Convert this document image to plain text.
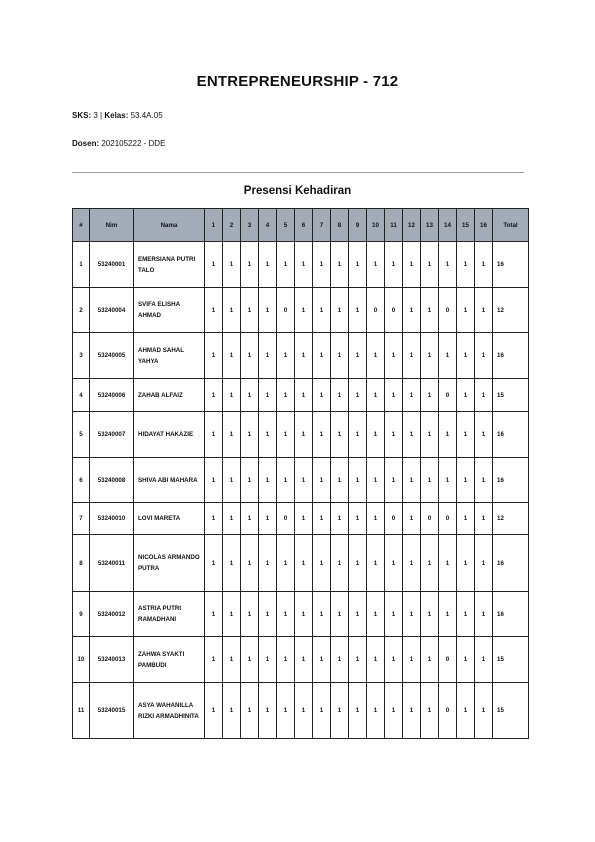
ENTREPRENEURSHIP - 712
SKS: 3 | Kelas: 53.4A.05
Dosen: 202105222 - DDE
Presensi Kehadiran
#	Nim	Nama	1	2	3	4	5	6	7	8	9	10	11	12	13	14	15	16	Total
1	53240001	EMERSIANA PUTRI TALO	1	1	1	1	1	1	1	1	1	1	1	1	1	1	1	1	16
2	53240004	SVIFA ELISHA AHMAD	1	1	1	1	0	1	1	1	1	0	0	1	1	0	1	1	12
3	53240005	AHMAD SAHAL YAHYA	1	1	1	1	1	1	1	1	1	1	1	1	1	1	1	1	16
4	53240006	ZAHAB ALFAIZ	1	1	1	1	1	1	1	1	1	1	1	1	1	0	1	1	15
5	53240007	HIDAYAT HAKAZIE	1	1	1	1	1	1	1	1	1	1	1	1	1	1	1	1	16
6	53240008	SHIVA ABI MAHARA	1	1	1	1	1	1	1	1	1	1	1	1	1	1	1	1	16
7	53240010	LOVI MARETA	1	1	1	1	0	1	1	1	1	1	0	1	0	0	1	1	12
8	53240011	NICOLAS ARMANDO PUTRA	1	1	1	1	1	1	1	1	1	1	1	1	1	1	1	1	16
9	53240012	ASTRIA PUTRI RAMADHANI	1	1	1	1	1	1	1	1	1	1	1	1	1	1	1	1	16
10	53240013	ZAHWA SYAKTI PAMBUDI	1	1	1	1	1	1	1	1	1	1	1	1	1	0	1	1	15
11	53240015	ASYA WAHANILLA RIZKI ARMADHINITA	1	1	1	1	1	1	1	1	1	1	1	1	1	0	1	1	15
